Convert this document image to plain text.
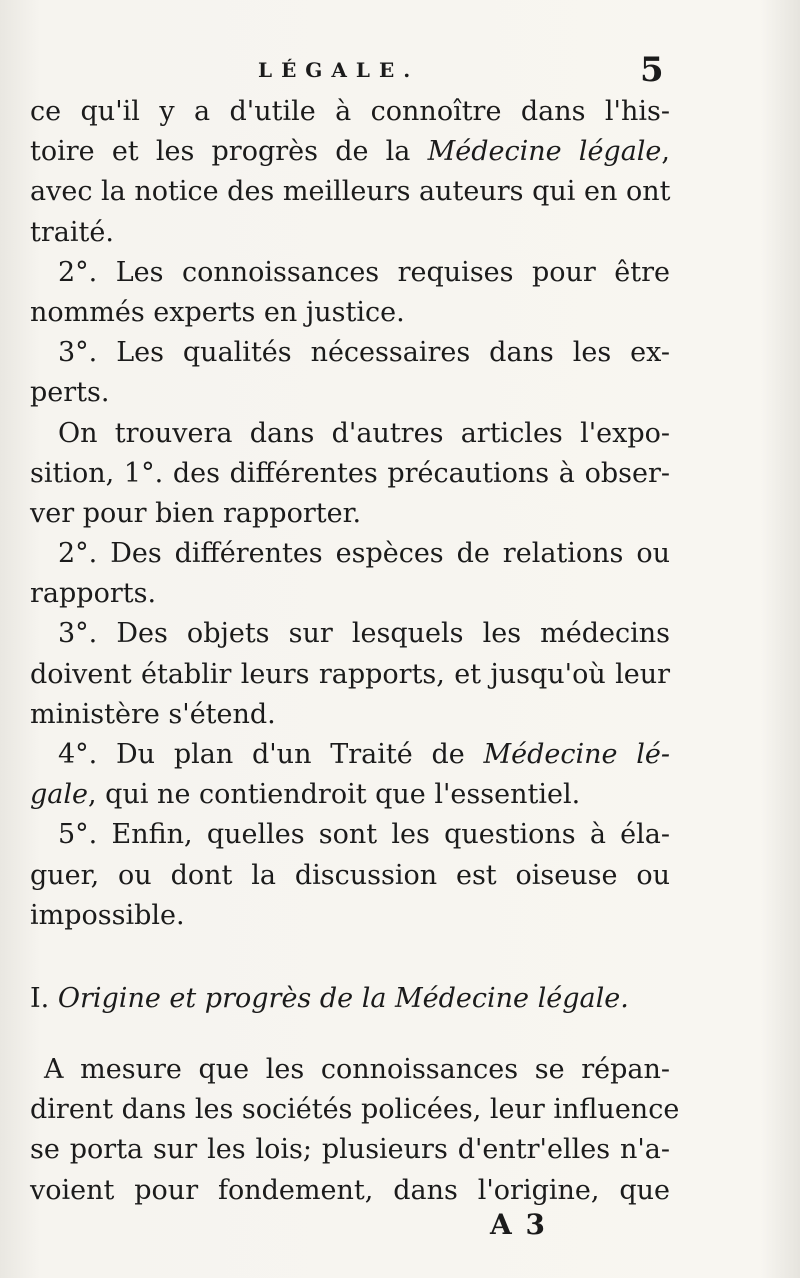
LÉGALE.	5
ce qu'il y a d'utile à connoître dans l'his-
toire et les progrès de la Médecine légale,
avec la notice des meilleurs auteurs qui en ont
traité.
2°. Les connoissances requises pour être
nommés experts en justice.
3°. Les qualités nécessaires dans les ex-
perts.
On trouvera dans d'autres articles l'expo-
sition, 1°. des différentes précautions à obser-
ver pour bien rapporter.
2°. Des différentes espèces de relations ou
rapports.
3°. Des objets sur lesquels les médecins
doivent établir leurs rapports, et jusqu'où leur
ministère s'étend.
4°. Du plan d'un Traité de Médecine lé-
gale, qui ne contiendroit que l'essentiel.
5°. Enfin, quelles sont les questions à éla-
guer, ou dont la discussion est oiseuse ou
impossible.
I. Origine et progrès de la Médecine légale.
A mesure que les connoissances se répan-
dirent dans les sociétés policées, leur influence
se porta sur les lois; plusieurs d'entr'elles n'a-
voient pour fondement, dans l'origine, que
A 3
